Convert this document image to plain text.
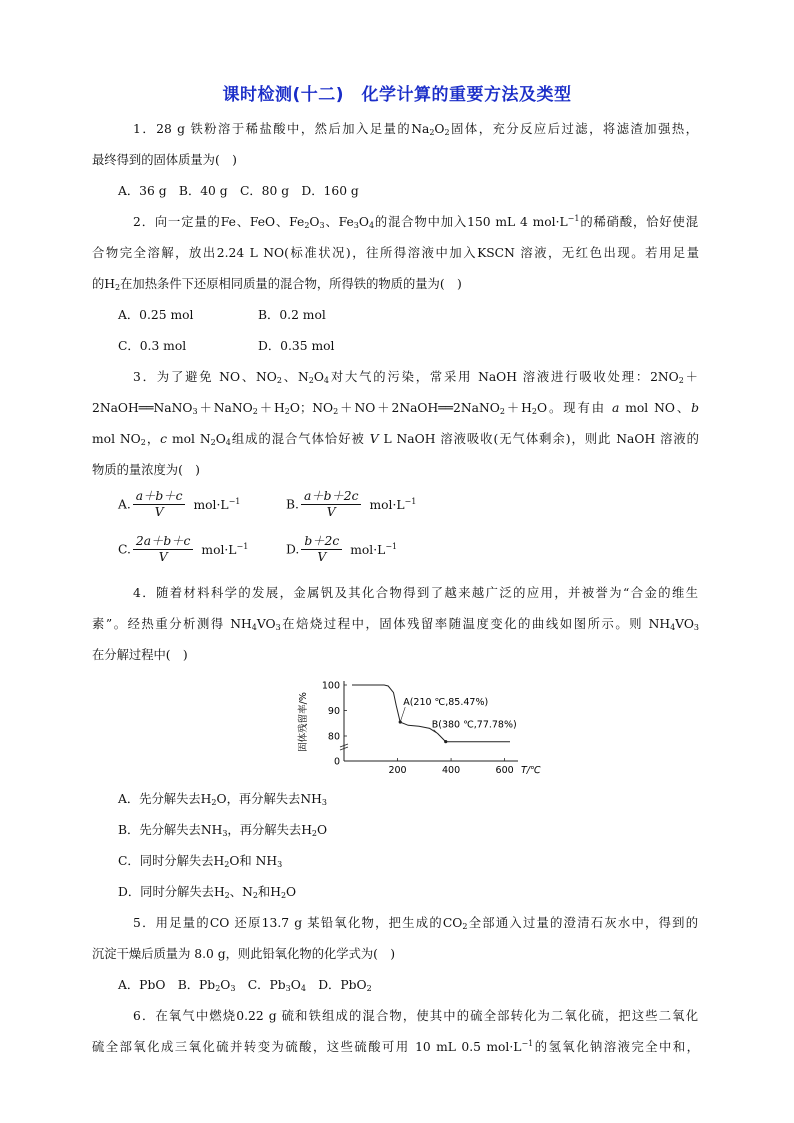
课时检测(十二)　化学计算的重要方法及类型
1．28 g 铁粉溶于稀盐酸中，然后加入足量的$Na_2O_2$固体，充分反应后过滤，将滤渣加强热，
最终得到的固体质量为(　)
A．36 g　B．40 g　C．80 g　D．160 g
2．向一定量的Fe、FeO、$Fe_2O_3$、$Fe_3O_4$的混合物中加入150 mL 4 $mol\cdot L^{-1}$的稀硝酸，恰好使混
合物完全溶解，放出2.24 L NO(标准状况)，往所得溶液中加入KSCN 溶液，无红色出现。若用足量
的$H_2$在加热条件下还原相同质量的混合物，所得铁的物质的量为(　)
A．0.25 mol	B．0.2 mol
C．0.3 mol	D．0.35 mol
3．为了避免 NO、$NO_2$、$N_2O_4$对大气的污染，常采用 NaOH 溶液进行吸收处理：$2NO_2+$
$2NaOH══NaNO_3+NaNO_2+H_2O$；$NO_2+NO+2NaOH══2NaNO_2+H_2O$。现有由 a mol NO、b
mol $NO_2$，c mol $N_2O_4$组成的混合气体恰好被 V L NaOH 溶液吸收(无气体剩余)，则此 NaOH 溶液的
物质的量浓度为(　)
A. $\frac{a+b+c}{V} mol\cdot L^{-1}$	B. $\frac{a+b+2c}{V} mol\cdot L^{-1}$
C. $\frac{2a+b+c}{V} mol\cdot L^{-1}$	D. $\frac{b+2c}{V} mol\cdot L^{-1}$
4．随着材料科学的发展，金属钒及其化合物得到了越来越广泛的应用，并被誉为“合金的维生
素”。经热重分析测得 $NH_4VO_3$在焙烧过程中，固体残留率随温度变化的曲线如图所示。则 $NH_4VO_3$
在分解过程中(　)
固体残留率/%
T/℃
200	400	600
0
80
90
100
A(210 ℃,85.47%)
B(380 ℃,77.78%)
A．先分解失去$H_2O$，再分解失去$NH_3$
B．先分解失去$NH_3$，再分解失去$H_2O$
C．同时分解失去$H_2O$和 $NH_3$
D．同时分解失去$H_2$、$N_2$和$H_2O$
5．用足量的CO 还原13.7 g 某铅氧化物，把生成的$CO_2$全部通入过量的澄清石灰水中，得到的
沉淀干燥后质量为 8.0 g，则此铅氧化物的化学式为(　)
A．PbO　B．$Pb_2O_3$　C．$Pb_3O_4$　D．PbO$_2$
6．在氧气中燃烧0.22 g 硫和铁组成的混合物，使其中的硫全部转化为二氧化硫，把这些二氧化
硫全部氧化成三氧化硫并转变为硫酸，这些硫酸可用 10 mL 0.5 $mol\cdot L^{-1}$的氢氧化钠溶液完全中和，
